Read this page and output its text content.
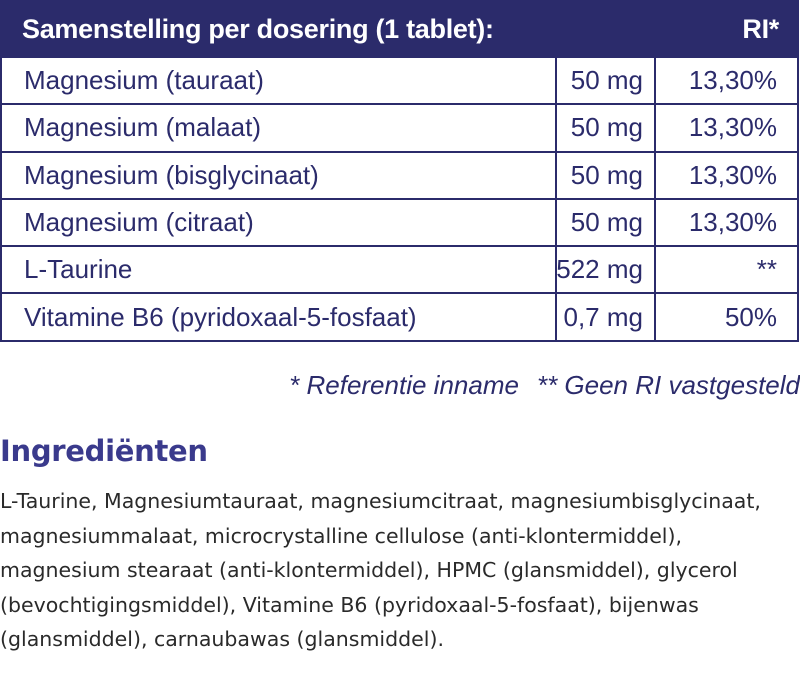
Samenstelling per dosering (1 tablet):	RI*
Magnesium (tauraat)	50 mg	13,30%
Magnesium (malaat)	50 mg	13,30%
Magnesium (bisglycinaat)	50 mg	13,30%
Magnesium (citraat)	50 mg	13,30%
L-Taurine	522 mg	**
Vitamine B6 (pyridoxaal-5-fosfaat)	0,7 mg	50%
* Referentie inname ** Geen RI vastgesteld
Ingrediënten
L-Taurine, Magnesiumtauraat, magnesiumcitraat, magnesiumbisglycinaat, magnesiummalaat, microcrystalline cellulose (anti-klontermiddel), magnesium stearaat (anti-klontermiddel), HPMC (glansmiddel), glycerol (bevochtigingsmiddel), Vitamine B6 (pyridoxaal-5-fosfaat), bijenwas (glansmiddel), carnaubawas (glansmiddel).
